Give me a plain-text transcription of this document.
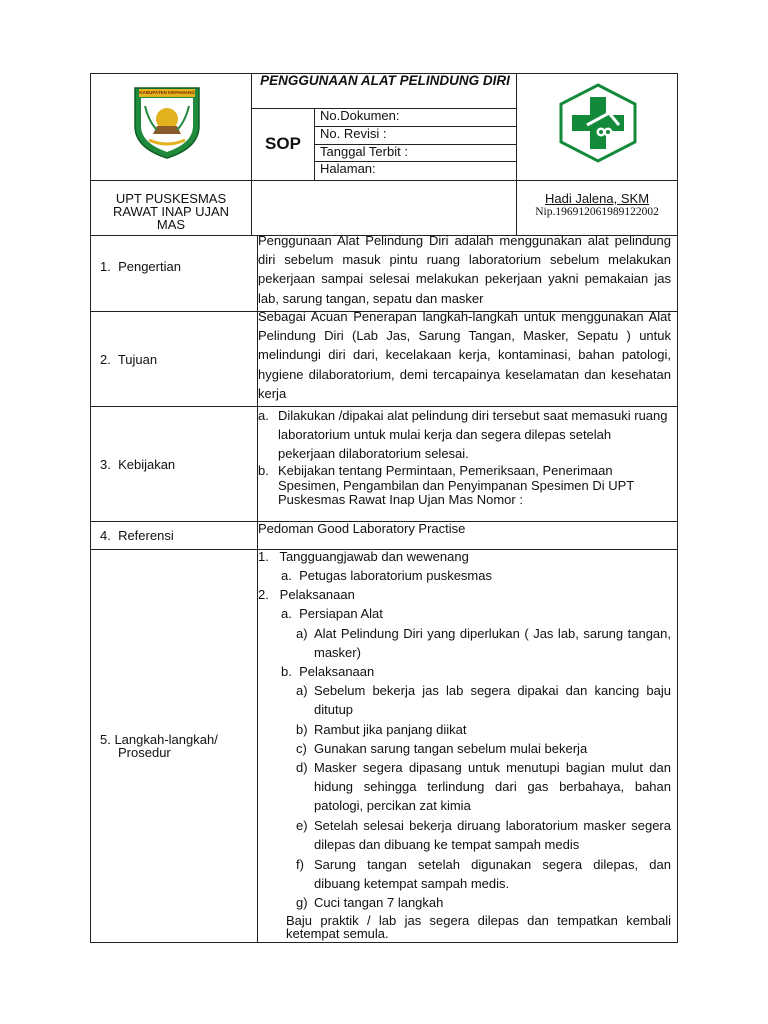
KABUPATEN KEPAHIANG
PENGGUNAAN ALAT PELINDUNG DIRI
SOP
No.Dokumen:
No. Revisi :
Tanggal Terbit :
Halaman:
UPT PUSKESMAS RAWAT INAP UJAN MAS
Hadi Jalena, SKM
Nip.196912061989122002
1.  Pengertian
Penggunaan Alat Pelindung Diri adalah menggunakan alat pelindung diri sebelum masuk pintu ruang laboratorium sebelum melakukan pekerjaan sampai selesai melakukan pekerjaan yakni pemakaian jas lab, sarung tangan, sepatu dan masker
2.  Tujuan
Sebagai Acuan Penerapan langkah-langkah untuk menggunakan Alat Pelindung Diri (Lab Jas, Sarung Tangan, Masker, Sepatu ) untuk melindungi diri dari, kecelakaan kerja, kontaminasi, bahan patologi, hygiene dilaboratorium, demi tercapainya keselamatan dan kesehatan kerja
3.  Kebijakan
a. Dilakukan /dipakai alat pelindung diri tersebut saat memasuki ruang laboratorium untuk mulai kerja dan segera dilepas setelah pekerjaan dilaboratorium selesai.
b. Kebijakan tentang Permintaan, Pemeriksaan, Penerimaan Spesimen, Pengambilan dan Penyimpanan Spesimen Di UPT Puskesmas Rawat Inap Ujan Mas Nomor :
4.  Referensi	Pedoman Good Laboratory Practise
5. Langkah-langkah/ Prosedur
1.   Tangguangjawab dan wewenang
a.  Petugas laboratorium puskesmas
2.   Pelaksanaan
a.  Persiapan Alat
a) Alat Pelindung Diri yang diperlukan ( Jas lab, sarung tangan, masker)
b.  Pelaksanaan
a) Sebelum bekerja jas lab segera dipakai dan kancing baju ditutup
b) Rambut jika panjang diikat
c) Gunakan sarung tangan sebelum mulai bekerja
d) Masker segera dipasang untuk menutupi bagian mulut dan hidung sehingga terlindung dari gas berbahaya, bahan patologi, percikan zat kimia
e) Setelah selesai bekerja diruang laboratorium masker segera dilepas dan dibuang ke tempat sampah medis
f) Sarung tangan setelah digunakan segera dilepas, dan dibuang ketempat sampah medis.
g) Cuci tangan 7 langkah
Baju praktik / lab jas segera dilepas dan tempatkan kembali ketempat semula.
